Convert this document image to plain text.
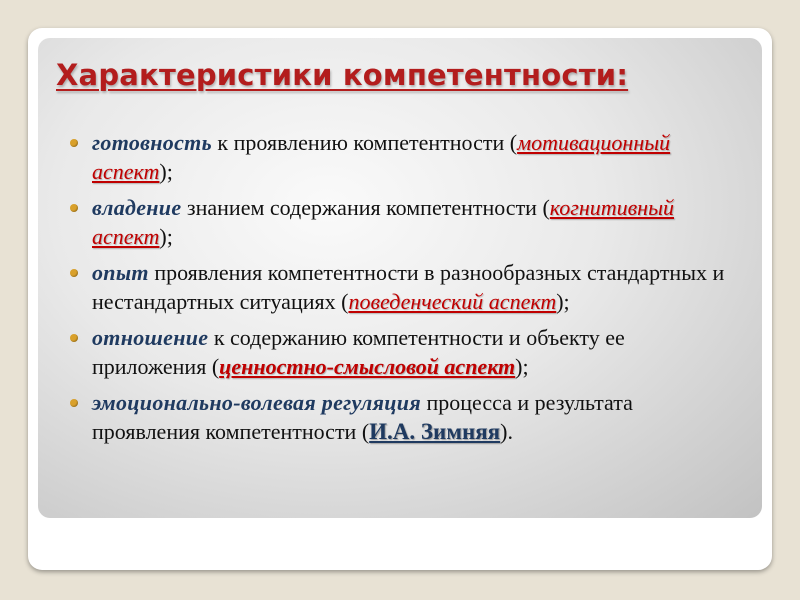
Характеристики компетентности:
готовность к проявлению компетентности (мотивационный аспект);
владение знанием содержания компетентности (когнитивный аспект);
опыт проявления компетентности в разнообразных стандартных и нестандартных ситуациях (поведенческий аспект);
отношение к содержанию компетентности и объекту ее приложения (ценностно-смысловой аспект);
эмоционально-волевая регуляция процесса и результата проявления компетентности (И.А. Зимняя).
